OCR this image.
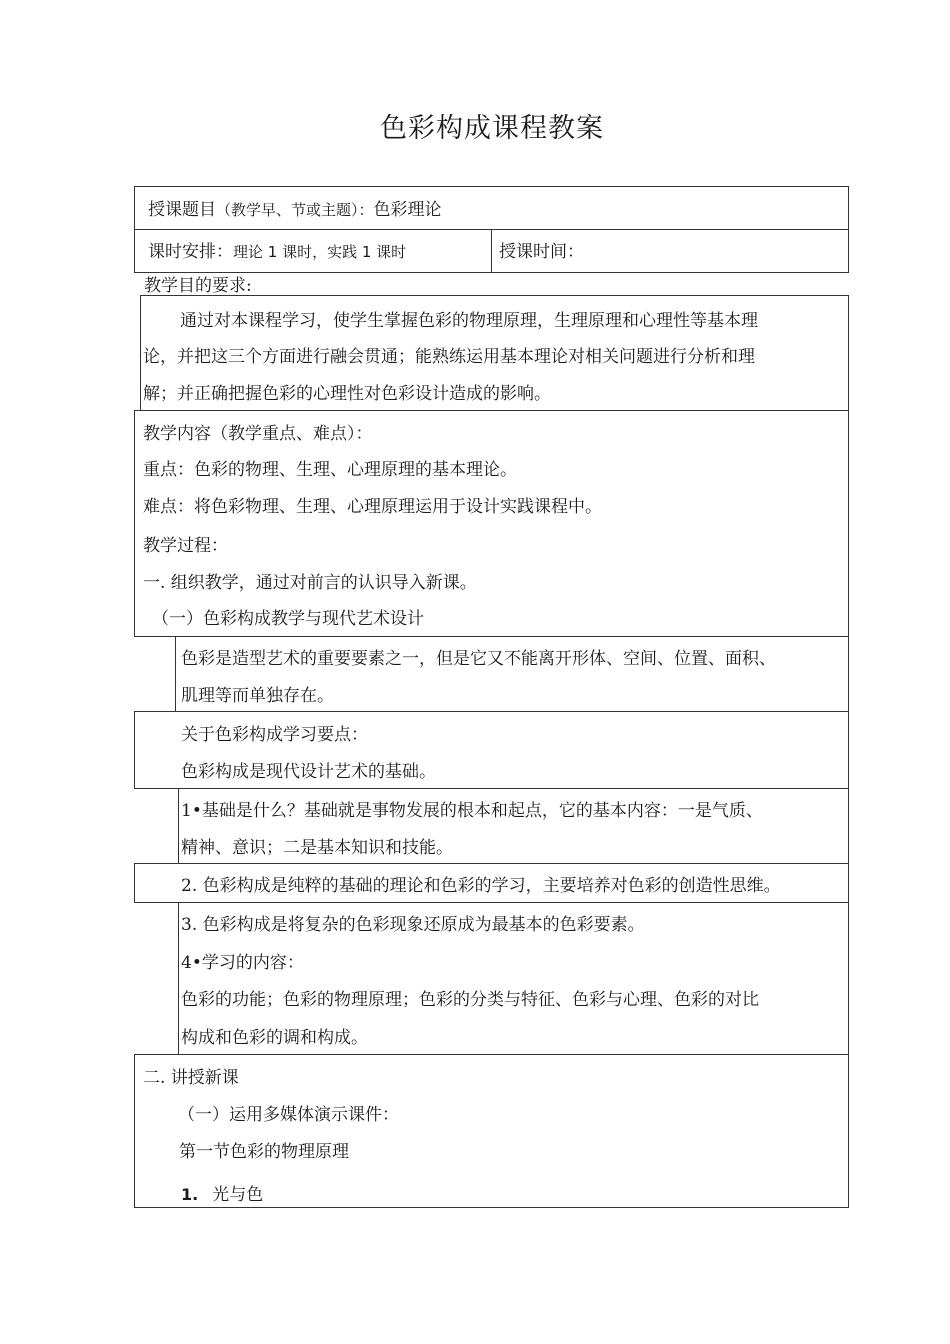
色彩构成课程教案
授课题目（教学早、节或主题）：色彩理论
课时安排：理论 1 课时，实践 1 课时	授课时间：
教学目的要求:
通过对本课程学习，使学生掌握色彩的物理原理，生理原理和心理性等基本理
论，并把这三个方面进行融会贯通；能熟练运用基本理论对相关问题进行分析和理
解；并正确把握色彩的心理性对色彩设计造成的影响。
教学内容（教学重点、难点）：
重点：色彩的物理、生理、心理原理的基本理论。
难点：将色彩物理、生理、心理原理运用于设计实践课程中。
教学过程：
一. 组织教学，通过对前言的认识导入新课。
（一）色彩构成教学与现代艺术设计
色彩是造型艺术的重要要素之一，但是它又不能离开形体、空间、位置、面积、
肌理等而单独存在。
关于色彩构成学习要点：
色彩构成是现代设计艺术的基础。
1•基础是什么？基础就是事物发展的根本和起点，它的基本内容：一是气质、
精神、意识；二是基本知识和技能。
2. 色彩构成是纯粹的基础的理论和色彩的学习，主要培养对色彩的创造性思维。
3. 色彩构成是将复杂的色彩现象还原成为最基本的色彩要素。
4•学习的内容：
色彩的功能；色彩的物理原理；色彩的分类与特征、色彩与心理、色彩的对比
构成和色彩的调和构成。
二. 讲授新课
（一）运用多媒体演示课件：
第一节色彩的物理原理
1. 光与色
